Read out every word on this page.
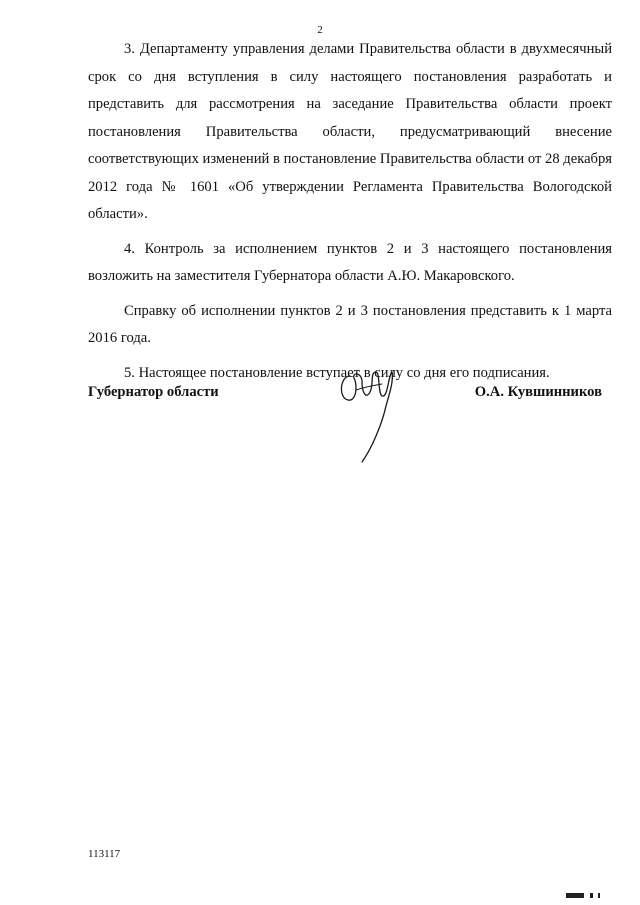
2

3. Департаменту управления делами Правительства области в двухмесячный срок со дня вступления в силу настоящего постановления разработать и представить для рассмотрения на заседание Правительства области проект постановления Правительства области, предусматривающий внесение соответствующих изменений в постановление Правительства области от 28 декабря 2012 года № 1601 «Об утверждении Регламента Правительства Вологодской области».

4. Контроль за исполнением пунктов 2 и 3 настоящего постановления возложить на заместителя Губернатора области А.Ю. Макаровского.

Справку об исполнении пунктов 2 и 3 постановления представить к 1 марта 2016 года.

5. Настоящее постановление вступает в силу со дня его подписания.

Губернатор области	О.А. Кувшинников
113117
